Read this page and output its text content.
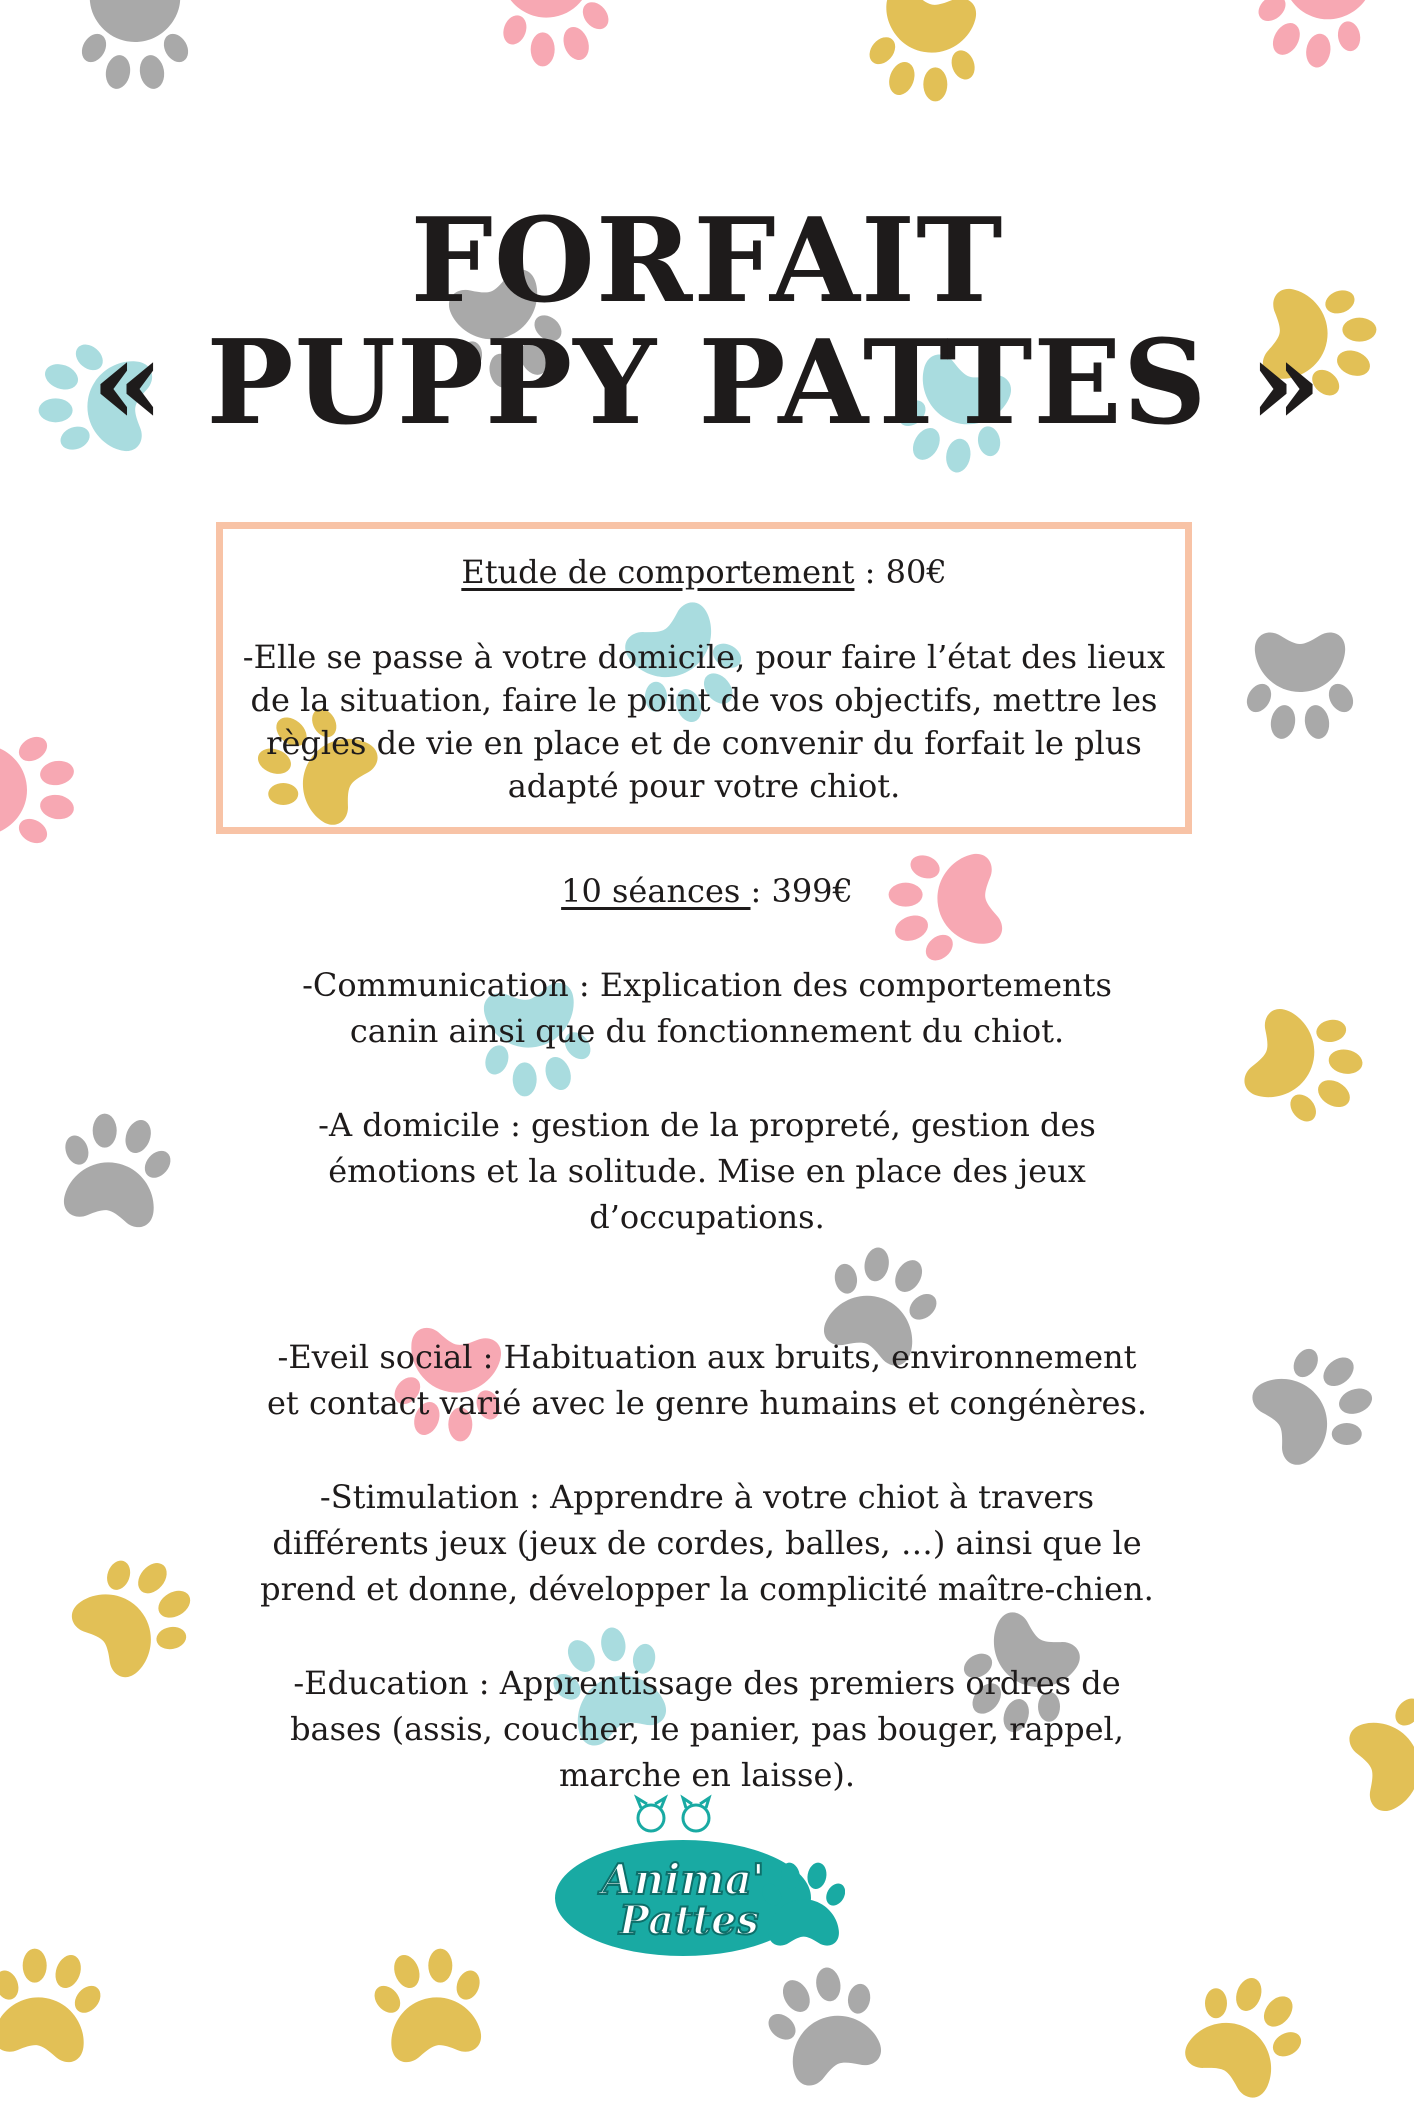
FORFAIT
« PUPPY PATTES »
Etude de comportement : 80€
-Elle se passe à votre domicile, pour faire l’état des lieux de la situation, faire le point de vos objectifs, mettre les règles de vie en place et de convenir du forfait le plus adapté pour votre chiot.
10 séances : 399€
-Communication : Explication des comportements canin ainsi que du fonctionnement du chiot.
-A domicile : gestion de la propreté, gestion des émotions et la solitude. Mise en place des jeux d’occupations.
-Eveil social : Habituation aux bruits, environnement et contact varié avec le genre humains et congénères.
-Stimulation : Apprendre à votre chiot à travers différents jeux (jeux de cordes, balles, …) ainsi que le prend et donne, développer la complicité maître-chien.
-Education : Apprentissage des premiers ordres de bases (assis, coucher, le panier, pas bouger, rappel, marche en laisse).
Anima'
Pattes
